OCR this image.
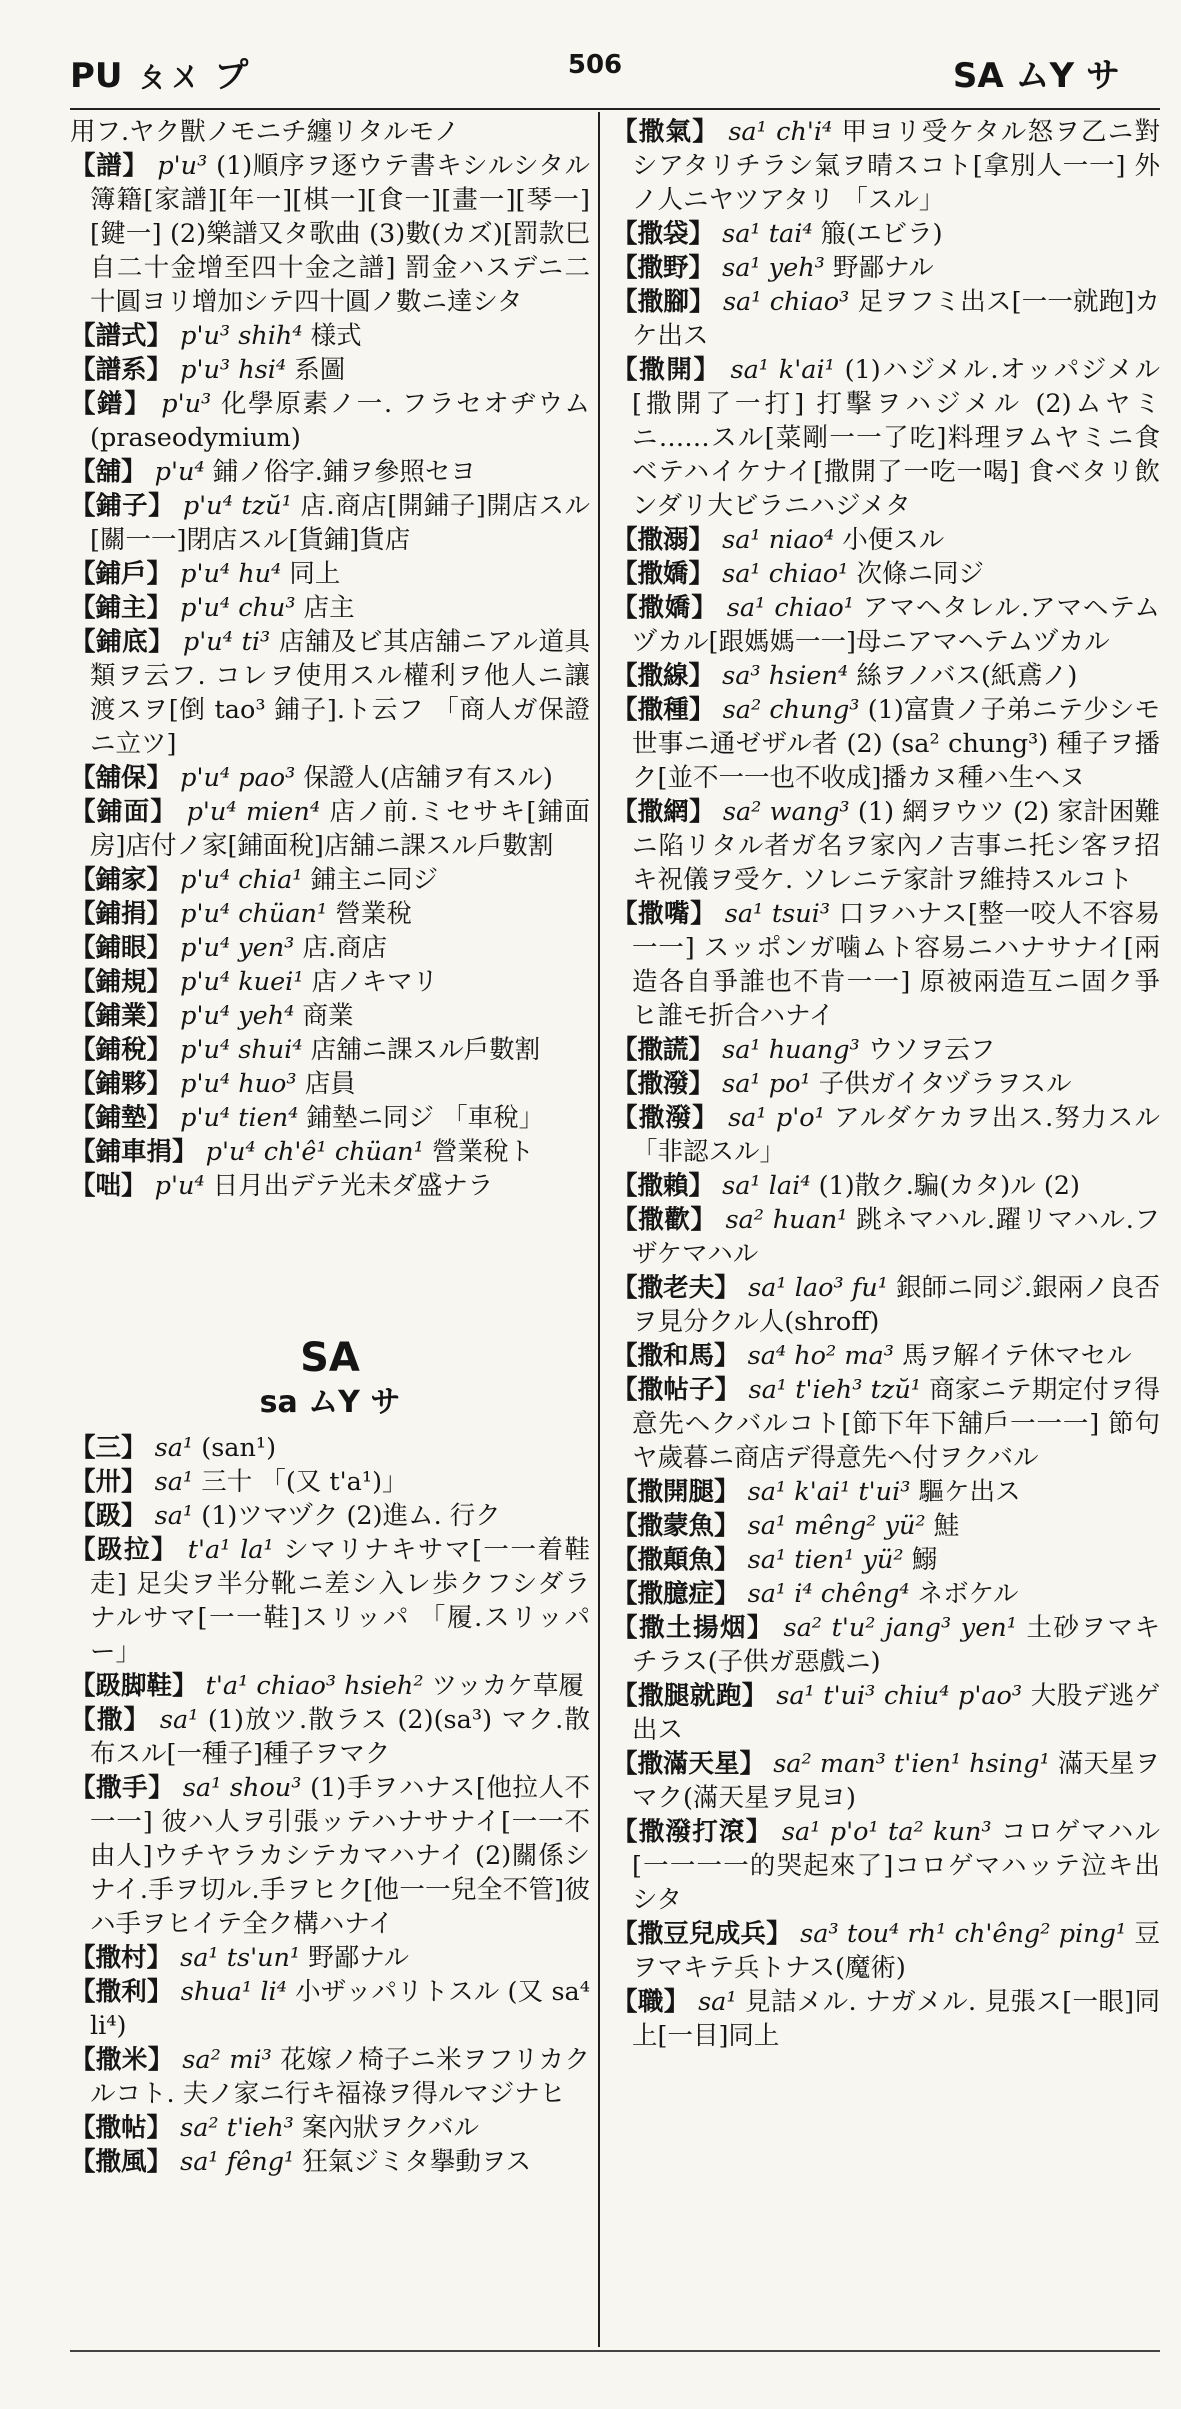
PU ㄆㄨ プ	506	SA ムY サ

用フ.ヤク獸ノモニチ纏リタルモノ

【譜】 p'u³ (1)順序ヲ逐ウテ書キシルシタル簿籍[家譜][年一][棋一][食一][畫一][琴一][鍵一] (2)樂譜又タ歌曲 (3)數(カズ)[罰款巳自二十金增至四十金之譜] 罰金ハスデニ二十圓ヨリ增加シテ四十圓ノ數ニ達シタ

【譜式】 p'u³ shih⁴ 様式

【譜系】 p'u³ hsi⁴ 系圖

【鐠】 p'u³ 化學原素ノ一. フラセオヂウム(praseodymium)

【舖】 p'u⁴ 鋪ノ俗字.鋪ヲ參照セヨ

【鋪子】 p'u⁴ tzŭ¹ 店.商店[開鋪子]開店スル[關一一]閉店スル[貨鋪]貨店

【鋪戶】 p'u⁴ hu⁴ 同上

【鋪主】 p'u⁴ chu³ 店主

【鋪底】 p'u⁴ ti³ 店舖及ビ其店舖ニアル道具類ヲ云フ. コレヲ使用スル權利ヲ他人ニ讓渡スヲ[倒 tao³ 鋪子].ト云フ 「商人ガ保證ニ立ツ]

【舖保】 p'u⁴ pao³ 保證人(店舖ヲ有スル)

【鋪面】 p'u⁴ mien⁴ 店ノ前.ミセサキ[鋪面房]店付ノ家[鋪面稅]店舖ニ課スル戶數割

【鋪家】 p'u⁴ chia¹ 鋪主ニ同ジ

【鋪捐】 p'u⁴ chüan¹ 營業稅

【鋪眼】 p'u⁴ yen³ 店.商店

【鋪規】 p'u⁴ kuei¹ 店ノキマリ

【鋪業】 p'u⁴ yeh⁴ 商業

【鋪稅】 p'u⁴ shui⁴ 店舖ニ課スル戶數割

【鋪夥】 p'u⁴ huo³ 店員

【鋪墊】 p'u⁴ tien⁴ 鋪墊ニ同ジ 「車稅」

【鋪車捐】 p'u⁴ ch'ê¹ chüan¹ 營業稅ト

【咄】 p'u⁴ 日月出デテ光未ダ盛ナラ

SA
sa ムY サ

【三】 sa¹ (san¹)

【卅】 sa¹ 三十 「(又 t'a¹)」

【趿】 sa¹ (1)ツマヅク (2)進ム. 行ク

【趿拉】 t'a¹ la¹ シマリナキサマ[一一着鞋走] 足尖ヲ半分靴ニ差シ入レ歩クフシダラナルサマ[一一鞋]スリッパ 「履.スリッパー」

【趿脚鞋】 t'a¹ chiao³ hsieh² ツッカケ草履

【撒】 sa¹ (1)放ツ.散ラス (2)(sa³) マク.散布スル[一種子]種子ヲマク

【撒手】 sa¹ shou³ (1)手ヲハナス[他拉人不一一] 彼ハ人ヲ引張ッテハナサナイ[一一不由人]ウチヤラカシテカマハナイ (2)關係シナイ.手ヲ切ル.手ヲヒク[他一一兒全不管]彼ハ手ヲヒイテ全ク構ハナイ

【撒村】 sa¹ ts'un¹ 野鄙ナル

【撒利】 shua¹ li⁴ 小ザッパリトスル (又 sa⁴ li⁴)

【撒米】 sa² mi³ 花嫁ノ椅子ニ米ヲフリカクルコト. 夫ノ家ニ行キ福祿ヲ得ルマジナヒ

【撒帖】 sa² t'ieh³ 案內狀ヲクバル

【撒風】 sa¹ fêng¹ 狂氣ジミタ擧動ヲス

【撒氣】 sa¹ ch'i⁴ 甲ヨリ受ケタル怒ヲ乙ニ對シアタリチラシ氣ヲ晴スコト[拿別人一一] 外ノ人ニヤツアタリ 「スル」

【撒袋】 sa¹ tai⁴ 箙(エビラ)

【撒野】 sa¹ yeh³ 野鄙ナル

【撒腳】 sa¹ chiao³ 足ヲフミ出ス[一一就跑]カケ出ス

【撒開】 sa¹ k'ai¹ (1)ハジメル.オッパジメル[撒開了一打] 打擊ヲハジメル (2)ムヤミニ……スル[菜剛一一了吃]料理ヲムヤミニ食ベテハイケナイ[撒開了一吃一喝] 食ベタリ飲ンダリ大ビラニハジメタ

【撒溺】 sa¹ niao⁴ 小便スル

【撒嬌】 sa¹ chiao¹ 次條ニ同ジ

【撒嬌】 sa¹ chiao¹ アマヘタレル.アマヘテムヅカル[跟媽媽一一]母ニアマヘテムヅカル

【撒線】 sa³ hsien⁴ 絲ヲノバス(紙鳶ノ)

【撒種】 sa² chung³ (1)富貴ノ子弟ニテ少シモ世事ニ通ゼザル者 (2) (sa² chung³) 種子ヲ播ク[並不一一也不收成]播カヌ種ハ生ヘヌ

【撒網】 sa² wang³ (1) 網ヲウツ (2) 家計困難ニ陷リタル者ガ名ヲ家內ノ吉事ニ托シ客ヲ招キ祝儀ヲ受ケ. ソレニテ家計ヲ維持スルコト

【撒嘴】 sa¹ tsui³ 口ヲハナス[整一咬人不容易一一] スッポンガ噛ムト容易ニハナサナイ[兩造各自爭誰也不肯一一] 原被兩造互ニ固ク爭ヒ誰モ折合ハナイ

【撒謊】 sa¹ huang³ ウソヲ云フ

【撒潑】 sa¹ po¹ 子供ガイタヅラヲスル

【撒潑】 sa¹ p'o¹ アルダケカヲ出ス.努力スル 「非認スル」

【撒賴】 sa¹ lai⁴ (1)散ク.騙(カタ)ル (2)

【撒歡】 sa² huan¹ 跳ネマハル.躍リマハル.フザケマハル

【撒老夫】 sa¹ lao³ fu¹ 銀師ニ同ジ.銀兩ノ良否ヲ見分クル人(shroff)

【撒和馬】 sa⁴ ho² ma³ 馬ヲ解イテ休マセル

【撒帖子】 sa¹ t'ieh³ tzŭ¹ 商家ニテ期定付ヲ得意先ヘクバルコト[節下年下舖戶一一一] 節句ヤ歲暮ニ商店デ得意先ヘ付ヲクバル

【撒開腿】 sa¹ k'ai¹ t'ui³ 驅ケ出ス

【撒蒙魚】 sa¹ mêng² yü² 鮭

【撒顛魚】 sa¹ tien¹ yü² 鰯

【撒臆症】 sa¹ i⁴ chêng⁴ ネボケル

【撒土揚烟】 sa² t'u² jang³ yen¹ 土砂ヲマキチラス(子供ガ惡戲ニ)

【撒腿就跑】 sa¹ t'ui³ chiu⁴ p'ao³ 大股デ逃ゲ出ス

【撒滿天星】 sa² man³ t'ien¹ hsing¹ 滿天星ヲマク(滿天星ヲ見ヨ)

【撒潑打滾】 sa¹ p'o¹ ta² kun³ コロゲマハル[一一一一的哭起來了]コロゲマハッテ泣キ出シタ

【撒豆兒成兵】 sa³ tou⁴ rh¹ ch'êng² ping¹ 豆ヲマキテ兵トナス(魔術)

【職】 sa¹ 見詰メル. ナガメル. 見張ス[一眼]同上[一目]同上
